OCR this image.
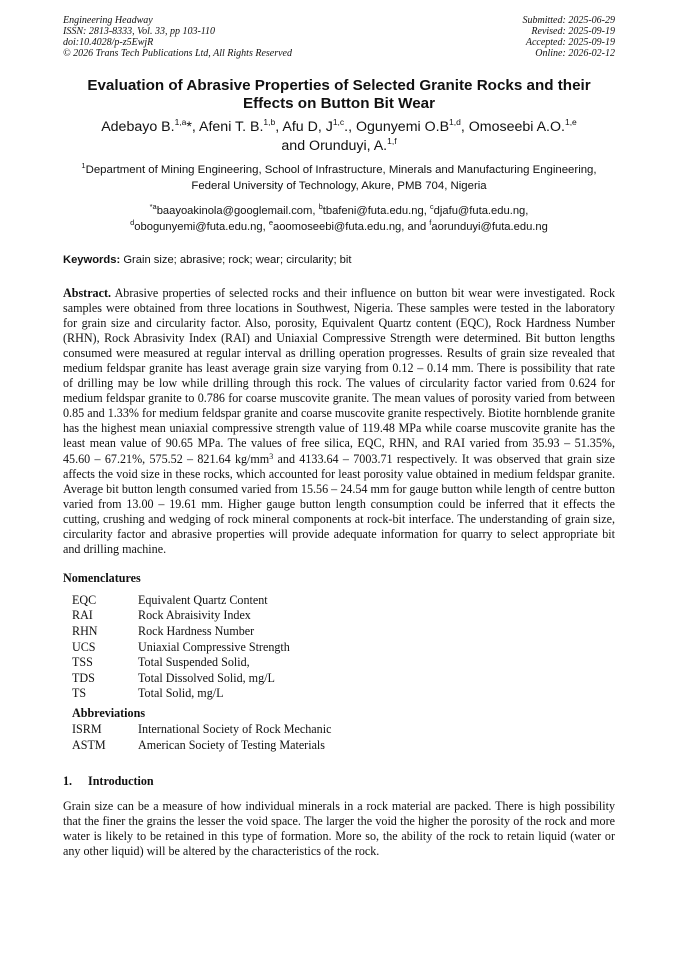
Engineering Headway
ISSN: 2813-8333, Vol. 33, pp 103-110
doi:10.4028/p-z5EwjR
© 2026 Trans Tech Publications Ltd, All Rights Reserved
Submitted: 2025-06-29
Revised: 2025-09-19
Accepted: 2025-09-19
Online: 2026-02-12
Evaluation of Abrasive Properties of Selected Granite Rocks and their Effects on Button Bit Wear
Adebayo B.$^{1,a}$*, Afeni T. B.$^{1,b}$, Afu D, J$^{1,c}$., Ogunyemi $O.B^{1,d}$, Omoseebi A.O.$^{1,e}$
and Orunduyi, A.$^{1,f}$
$^1$Department of Mining Engineering, School of Infrastructure, Minerals and Manufacturing Engineering, Federal University of Technology, Akure, PMB 704, Nigeria
$^{*a}$baayoakinola@googlemail.com, $^b$tbafeni@futa.edu.ng, $^c$djafu@futa.edu.ng,
$^d$obogunyemi@futa.edu.ng, $^e$aoomoseebi@futa.edu.ng, and $^f$aorunduyi@futa.edu.ng
Keywords: Grain size; abrasive; rock; wear; circularity; bit
Abstract. Abrasive properties of selected rocks and their influence on button bit wear were investigated. Rock samples were obtained from three locations in Southwest, Nigeria. These samples were tested in the laboratory for grain size and circularity factor. Also, porosity, Equivalent Quartz content (EQC), Rock Hardness Number (RHN), Rock Abrasivity Index (RAI) and Uniaxial Compressive Strength were determined. Bit button lengths consumed were measured at regular interval as drilling operation progresses. Results of grain size revealed that medium feldspar granite has least average grain size varying from 0.12 – 0.14 mm. There is possibility that rate of drilling may be low while drilling through this rock. The values of circularity factor varied from 0.624 for medium feldspar granite to 0.786 for coarse muscovite granite. The mean values of porosity varied from between 0.85 and 1.33% for medium feldspar granite and coarse muscovite granite respectively. Biotite hornblende granite has the highest mean uniaxial compressive strength value of 119.48 MPa while coarse muscovite granite has the least mean value of 90.65 MPa. The values of free silica, EQC, RHN, and RAI varied from 35.93 – 51.35%, 45.60 – 67.21%, 575.52 – 821.64 $kg/mm^3$ and 4133.64 – 7003.71 respectively. It was observed that grain size affects the void size in these rocks, which accounted for least porosity value obtained in medium feldspar granite. Average bit button length consumed varied from 15.56 – 24.54 mm for gauge button while length of centre button varied from 13.00 – 19.61 mm. Higher gauge button length consumption could be inferred that it effects the cutting, crushing and wedging of rock mineral components at rock-bit interface. The understanding of grain size, circularity factor and abrasive properties will provide adequate information for quarry to select appropriate bit and drilling machine.
Nomenclatures
EQC	Equivalent Quartz Content
RAI	Rock Abraisivity Index
RHN	Rock Hardness Number
UCS	Uniaxial Compressive Strength
TSS	Total Suspended Solid,
TDS	Total Dissolved Solid, mg/L
TS	Total Solid, mg/L
Abbreviations
ISRM	International Society of Rock Mechanic
ASTM	American Society of Testing Materials
1. Introduction
Grain size can be a measure of how individual minerals in a rock material are packed. There is high possibility that the finer the grains the lesser the void space. The larger the void the higher the porosity of the rock and more water is likely to be retained in this type of formation. More so, the ability of the rock to retain liquid (water or any other liquid) will be altered by the characteristics of the rock.
